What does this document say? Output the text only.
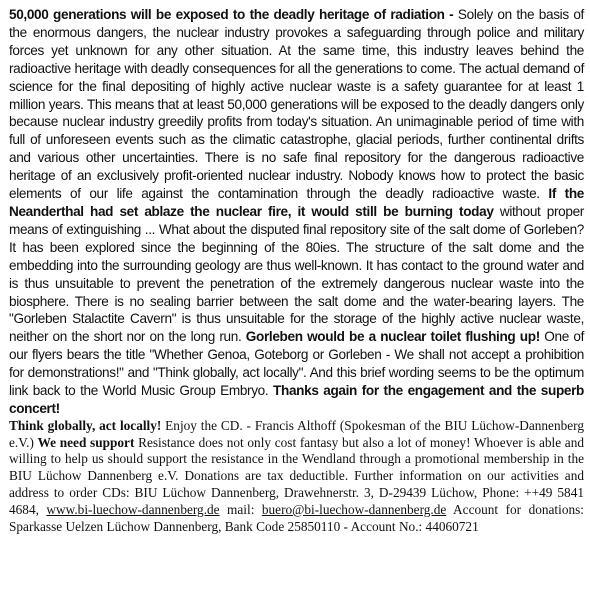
50,000 generations will be exposed to the deadly heritage of radiation - Solely on the basis of the enormous dangers, the nuclear industry provokes a safeguarding through police and military forces yet unknown for any other situation. At the same time, this industry leaves behind the radioactive heritage with deadly consequences for all the generations to come. The actual demand of science for the final depositing of highly active nuclear waste is a safety guarantee for at least 1 million years. This means that at least 50,000 generations will be exposed to the deadly dangers only because nuclear industry greedily profits from today's situation. An unimaginable period of time with full of unforeseen events such as the climatic catastrophe, glacial periods, further continental drifts and various other uncertainties. There is no safe final repository for the dangerous radioactive heritage of an exclusively profit-oriented nuclear industry. Nobody knows how to protect the basic elements of our life against the contamination through the deadly radioactive waste. If the Neanderthal had set ablaze the nuclear fire, it would still be burning today without proper means of extinguishing ... What about the disputed final repository site of the salt dome of Gorleben? It has been explored since the beginning of the 80ies. The structure of the salt dome and the embedding into the surrounding geology are thus well-known. It has contact to the ground water and is thus unsuitable to prevent the penetration of the extremely dangerous nuclear waste into the biosphere. There is no sealing barrier between the salt dome and the water-bearing layers. The "Gorleben Stalactite Cavern" is thus unsuitable for the storage of the highly active nuclear waste, neither on the short nor on the long run. Gorleben would be a nuclear toilet flushing up! One of our flyers bears the title "Whether Genoa, Goteborg or Gorleben - We shall not accept a prohibition for demonstrations!" and "Think globally, act locally". And this brief wording seems to be the optimum link back to the World Music Group Embryo. Thanks again for the engagement and the superb concert!

Think globally, act locally! Enjoy the CD. - Francis Althoff (Spokesman of the BIU Lüchow-Dannenberg e.V.) We need support Resistance does not only cost fantasy but also a lot of money! Whoever is able and willing to help us should support the resistance in the Wendland through a promotional membership in the BIU Lüchow Dannenberg e.V. Donations are tax deductible. Further information on our activities and address to order CDs: BIU Lüchow Dannenberg, Drawehnerstr. 3, D-29439 Lüchow, Phone: ++49 5841 4684, www.bi-luechow-dannenberg.de mail: buero@bi-luechow-dannenberg.de Account for donations: Sparkasse Uelzen Lüchow Dannenberg, Bank Code 25850110 - Account No.: 44060721
